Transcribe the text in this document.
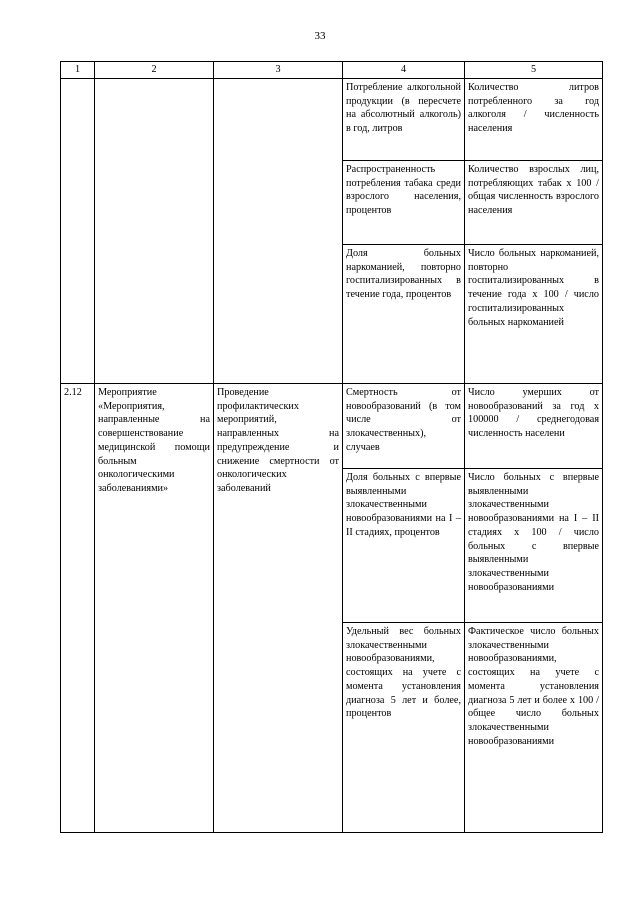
33
1	2	3	4	5
			Потребление алкогольной продукции (в пересчете на абсолютный алкоголь) в год, литров	Количество литров потребленного за год алкоголя / численность населения
			Распространенность потребления табака среди взрослого населения, процентов	Количество взрослых лиц, потребляющих табак х 100 / общая численность взрослого населения
			Доля больных наркоманией, повторно госпитализированных в течение года, процентов	Число больных наркоманией, повторно госпитализированных в течение года х 100 / число госпитализированных больных наркоманией
2.12	Мероприятие «Мероприятия, направленные на совершенствование медицинской помощи больным онкологическими заболеваниями»	Проведение профилактических мероприятий, направленных на предупреждение и снижение смертности от онкологических заболеваний	Смертность от новообразований (в том числе от злокачественных), случаев	Число умерших от новообразований за год х 100000 / среднегодовая численность населени
			Доля больных с впервые выявленными злокачественными новообразованиями на I – II стадиях, процентов	Число больных с впервые выявленными злокачественными новообразованиями на I – II стадиях х 100 / число больных с впервые выявленными злокачественными новообразованиями
			Удельный вес больных злокачественными новообразованиями, состоящих на учете с момента установления диагноза 5 лет и более, процентов	Фактическое число больных злокачественными новообразованиями, состоящих на учете с момента установления диагноза 5 лет и более х 100 / общее число больных злокачественными новообразованиями
